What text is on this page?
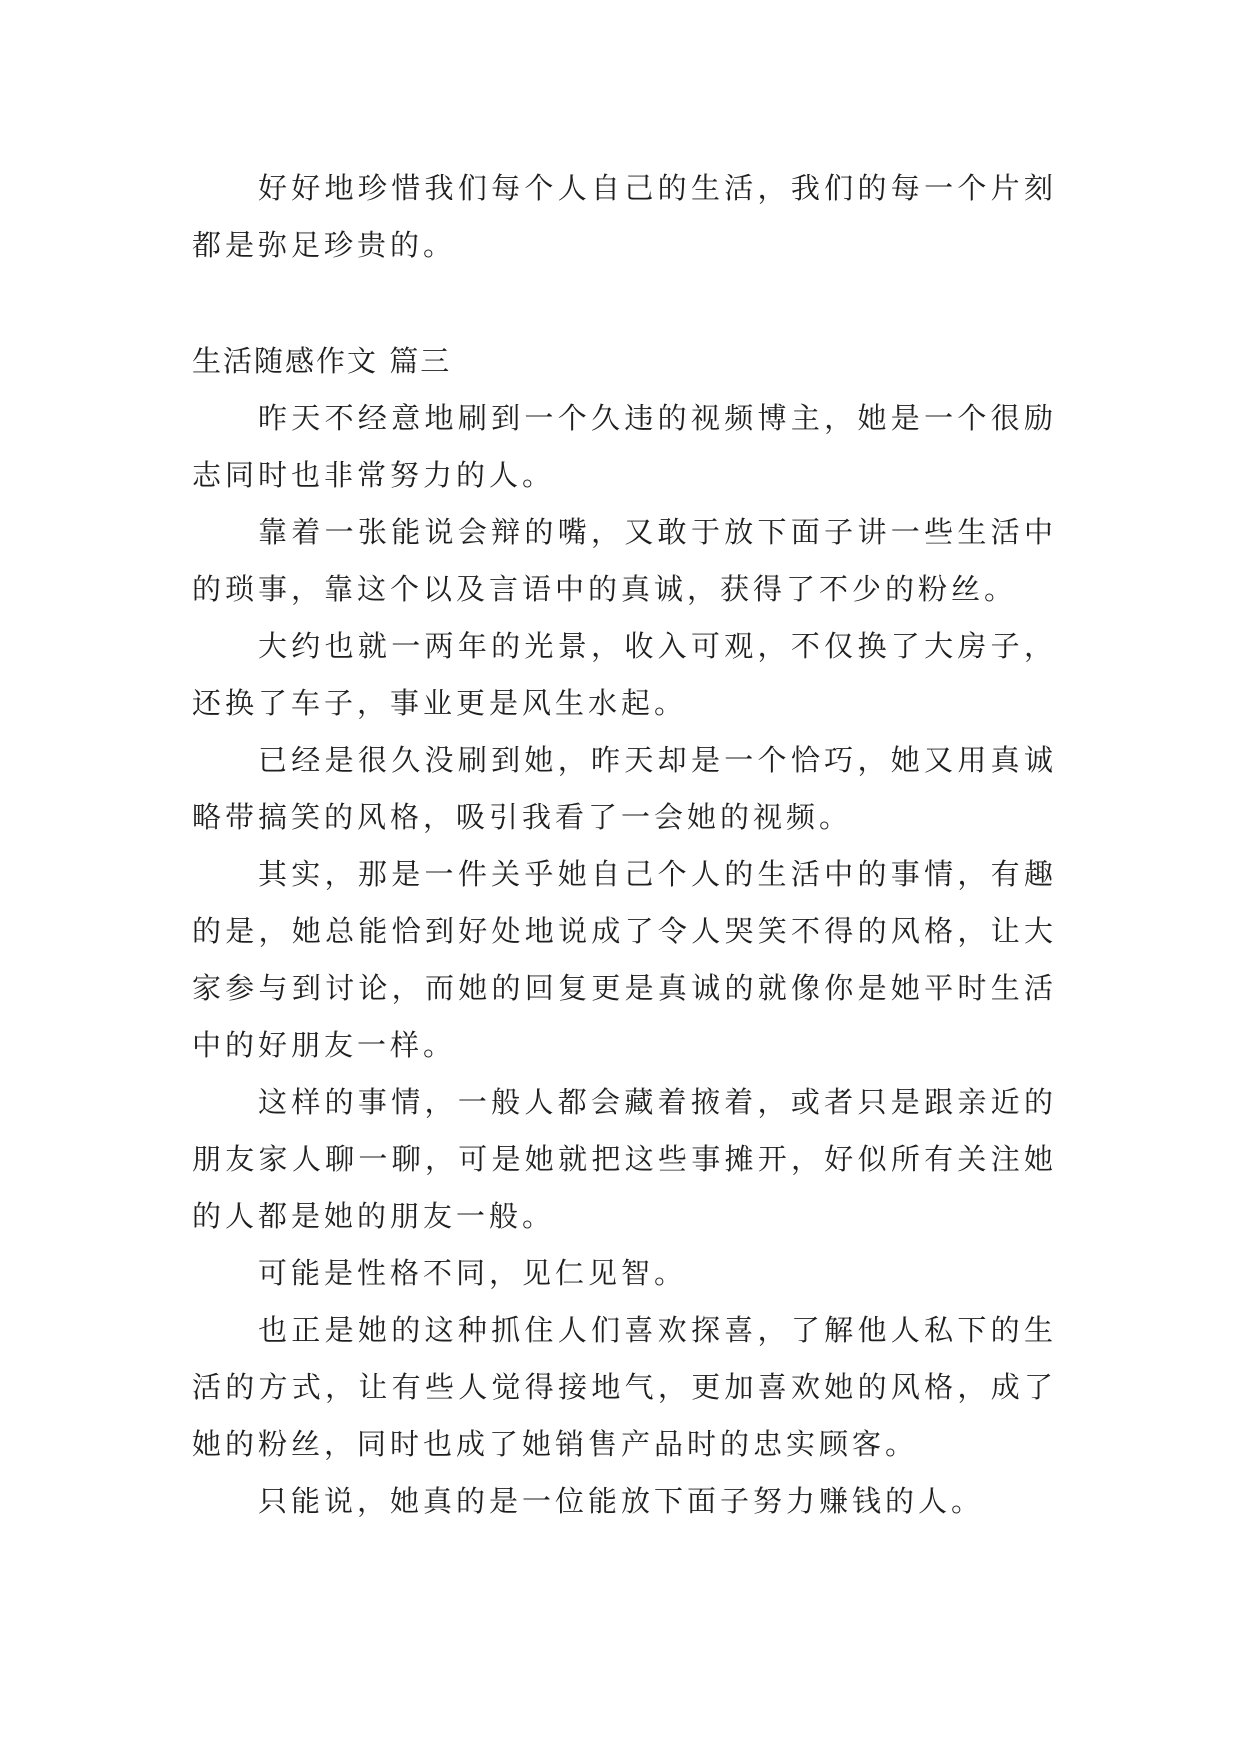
好好地珍惜我们每个人自己的生活，我们的每一个片刻都是弥足珍贵的。

生活随感作文 篇三

昨天不经意地刷到一个久违的视频博主，她是一个很励志同时也非常努力的人。

靠着一张能说会辩的嘴，又敢于放下面子讲一些生活中的琐事，靠这个以及言语中的真诚，获得了不少的粉丝。

大约也就一两年的光景，收入可观，不仅换了大房子，还换了车子，事业更是风生水起。

已经是很久没刷到她，昨天却是一个恰巧，她又用真诚略带搞笑的风格，吸引我看了一会她的视频。

其实，那是一件关乎她自己个人的生活中的事情，有趣的是，她总能恰到好处地说成了令人哭笑不得的风格，让大家参与到讨论，而她的回复更是真诚的就像你是她平时生活中的好朋友一样。

这样的事情，一般人都会藏着掖着，或者只是跟亲近的朋友家人聊一聊，可是她就把这些事摊开，好似所有关注她的人都是她的朋友一般。

可能是性格不同，见仁见智。

也正是她的这种抓住人们喜欢探喜，了解他人私下的生活的方式，让有些人觉得接地气，更加喜欢她的风格，成了她的粉丝，同时也成了她销售产品时的忠实顾客。

只能说，她真的是一位能放下面子努力赚钱的人。
